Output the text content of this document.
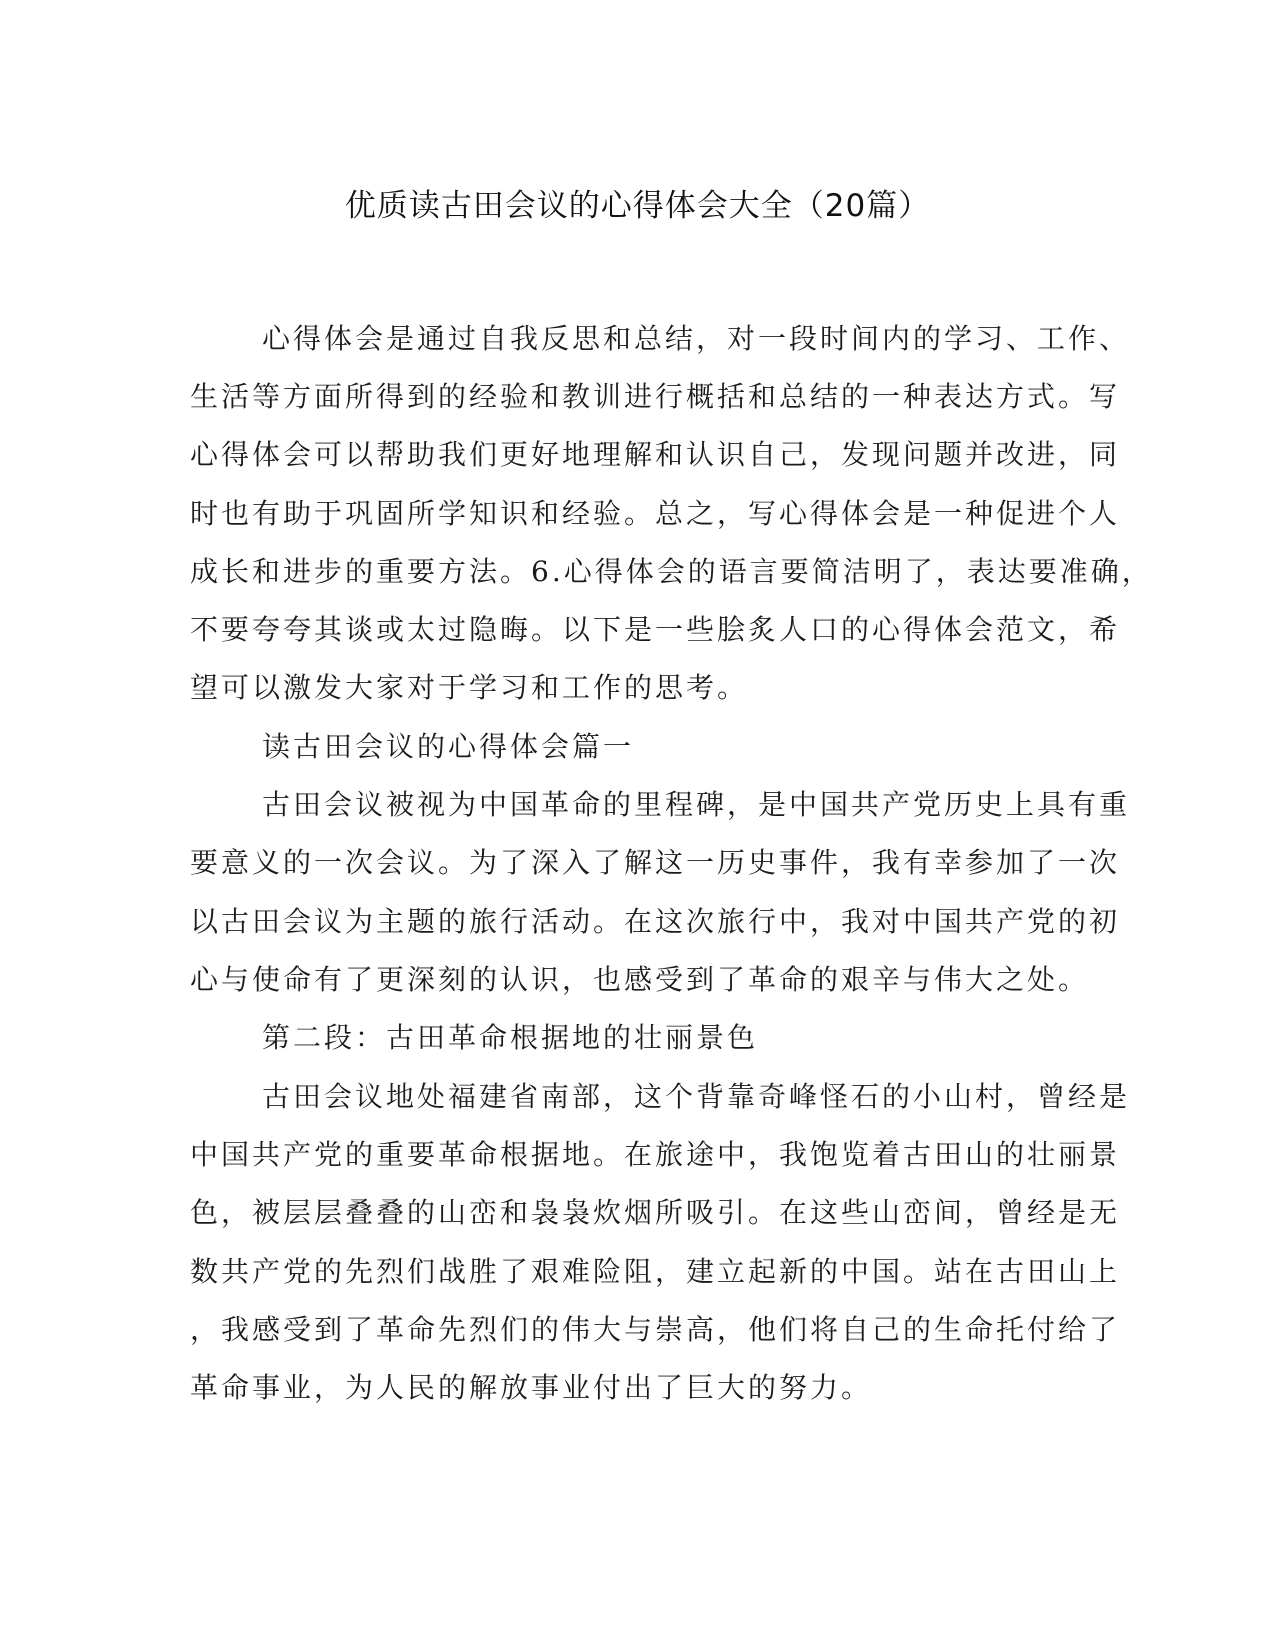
优质读古田会议的心得体会大全（20篇）
心得体会是通过自我反思和总结，对一段时间内的学习、工作、
生活等方面所得到的经验和教训进行概括和总结的一种表达方式。写
心得体会可以帮助我们更好地理解和认识自己，发现问题并改进，同
时也有助于巩固所学知识和经验。总之，写心得体会是一种促进个人
成长和进步的重要方法。6.心得体会的语言要简洁明了，表达要准确，
不要夸夸其谈或太过隐晦。以下是一些脍炙人口的心得体会范文，希
望可以激发大家对于学习和工作的思考。
读古田会议的心得体会篇一
古田会议被视为中国革命的里程碑，是中国共产党历史上具有重
要意义的一次会议。为了深入了解这一历史事件，我有幸参加了一次
以古田会议为主题的旅行活动。在这次旅行中，我对中国共产党的初
心与使命有了更深刻的认识，也感受到了革命的艰辛与伟大之处。
第二段：古田革命根据地的壮丽景色
古田会议地处福建省南部，这个背靠奇峰怪石的小山村，曾经是
中国共产党的重要革命根据地。在旅途中，我饱览着古田山的壮丽景
色，被层层叠叠的山峦和袅袅炊烟所吸引。在这些山峦间，曾经是无
数共产党的先烈们战胜了艰难险阻，建立起新的中国。站在古田山上
，我感受到了革命先烈们的伟大与崇高，他们将自己的生命托付给了
革命事业，为人民的解放事业付出了巨大的努力。
